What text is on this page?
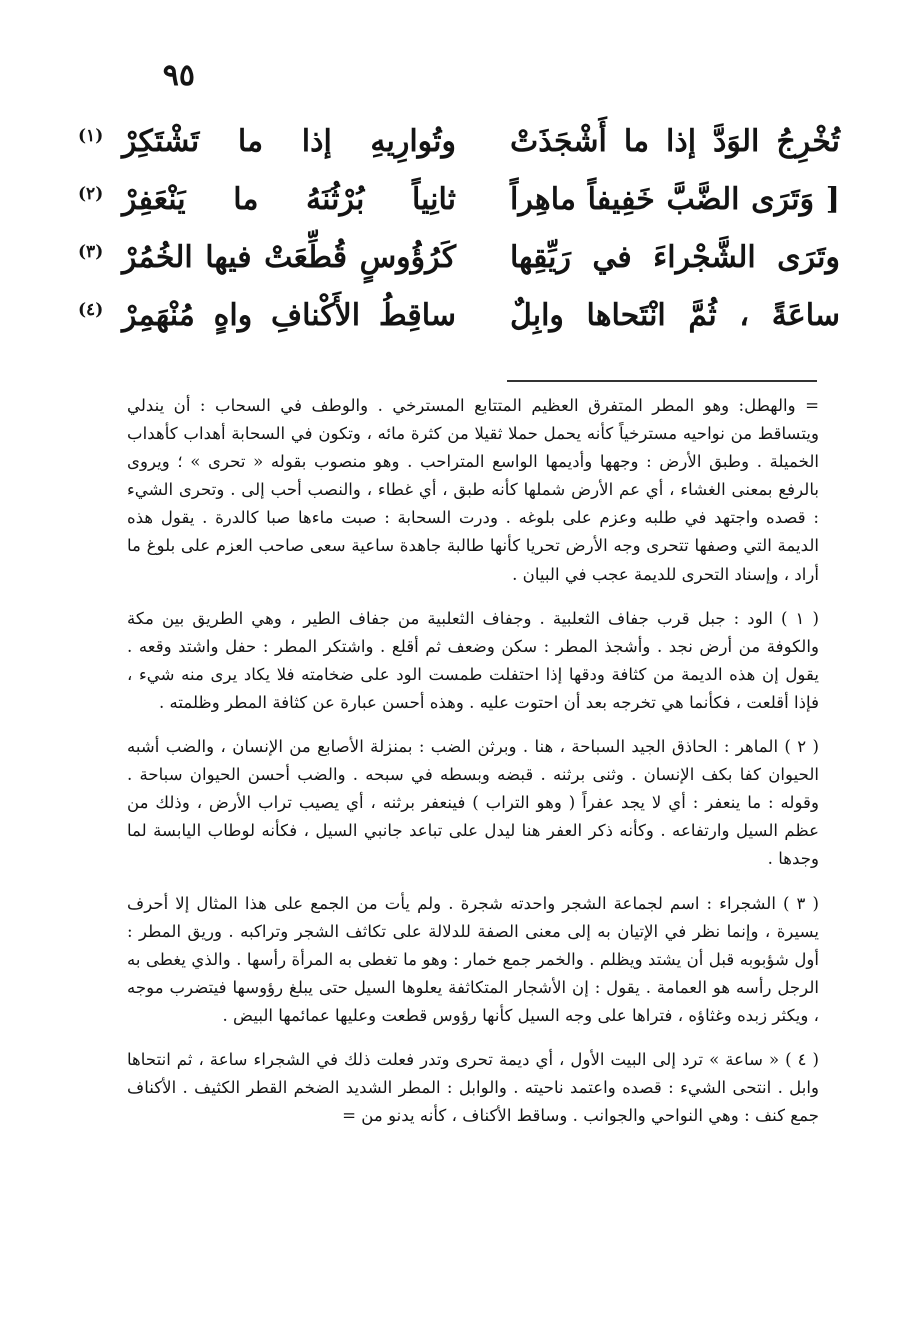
٩٥
تُخْرِجُ الوَدَّ إذا ما أَشْجَذَتْ
وتُوارِيهِ إذا ما تَشْتَكِرْ
(١)
[ وَتَرَى الضَّبَّ خَفِيفاً ماهِراً
ثانِياً بُرْثُنَهُ ما يَنْعَفِرْ
(٢)
وتَرَى الشَّجْراءَ في رَيِّقِها
كَرُؤُوسٍ قُطِّعَتْ فيها الخُمُرْ
(٣)
ساعَةً ، ثُمَّ انْتَحاها وابِلٌ
ساقِطُ الأَكْنافِ واهٍ مُنْهَمِرْ
(٤)

= والهطل: وهو المطر المتفرق العظيم المتتابع المسترخي . والوطف في السحاب : أن يندلي ويتساقط من نواحيه مسترخياً كأنه يحمل حملا ثقيلا من كثرة مائه ، وتكون في السحابة أهداب كأهداب الخميلة . وطبق الأرض : وجهها وأديمها الواسع المتراحب . وهو منصوب بقوله « تحرى » ؛ ويروى بالرفع بمعنى الغشاء ، أي عم الأرض شملها كأنه طبق ، أي غطاء ، والنصب أحب إلى . وتحرى الشيء : قصده واجتهد في طلبه وعزم على بلوغه . ودرت السحابة : صبت ماءها صبا كالدرة . يقول هذه الديمة التي وصفها تتحرى وجه الأرض تحريا كأنها طالبة جاهدة ساعية سعى صاحب العزم على بلوغ ما أراد ، وإسناد التحرى للديمة عجب في البيان .

( ١ ) الود : جبل قرب جفاف الثعلبية . وجفاف الثعلبية من جفاف الطير ، وهي الطريق بين مكة والكوفة من أرض نجد . وأشجذ المطر : سكن وضعف ثم أقلع . واشتكر المطر : حفل واشتد وقعه . يقول إن هذه الديمة من كثافة ودقها إذا احتفلت طمست الود على ضخامته فلا يكاد يرى منه شيء ، فإذا أقلعت ، فكأنما هي تخرجه بعد أن احتوت عليه . وهذه أحسن عبارة عن كثافة المطر وظلمته .

( ٢ ) الماهر : الحاذق الجيد السباحة ، هنا . وبرثن الضب : بمنزلة الأصابع من الإنسان ، والضب أشبه الحيوان كفا بكف الإنسان . وثنى برثنه . قبضه وبسطه في سبحه . والضب أحسن الحيوان سباحة . وقوله : ما ينعفر : أي لا يجد عفراً ( وهو التراب ) فينعفر برثنه ، أي يصيب تراب الأرض ، وذلك من عظم السيل وارتفاعه . وكأنه ذكر العفر هنا ليدل على تباعد جانبي السيل ، فكأنه لوطاب اليابسة لما وجدها .

( ٣ ) الشجراء : اسم لجماعة الشجر واحدته شجرة . ولم يأت من الجمع على هذا المثال إلا أحرف يسيرة ، وإنما نظر في الإتيان به إلى معنى الصفة للدلالة على تكاثف الشجر وتراكبه . وريق المطر : أول شؤبوبه قبل أن يشتد ويظلم . والخمر جمع خمار : وهو ما تغطى به المرأة رأسها . والذي يغطى به الرجل رأسه هو العمامة . يقول : إن الأشجار المتكاثفة يعلوها السيل حتى يبلغ رؤوسها فيتضرب موجه ، ويكثر زبده وغثاؤه ، فتراها على وجه السيل كأنها رؤوس قطعت وعليها عمائمها البيض .

( ٤ ) « ساعة » ترد إلى البيت الأول ، أي ديمة تحرى وتدر فعلت ذلك في الشجراء ساعة ، ثم انتحاها وابل . انتحى الشيء : قصده واعتمد ناحيته . والوابل : المطر الشديد الضخم القطر الكثيف . الأكناف جمع كنف : وهي النواحي والجوانب . وساقط الأكناف ، كأنه يدنو من =
